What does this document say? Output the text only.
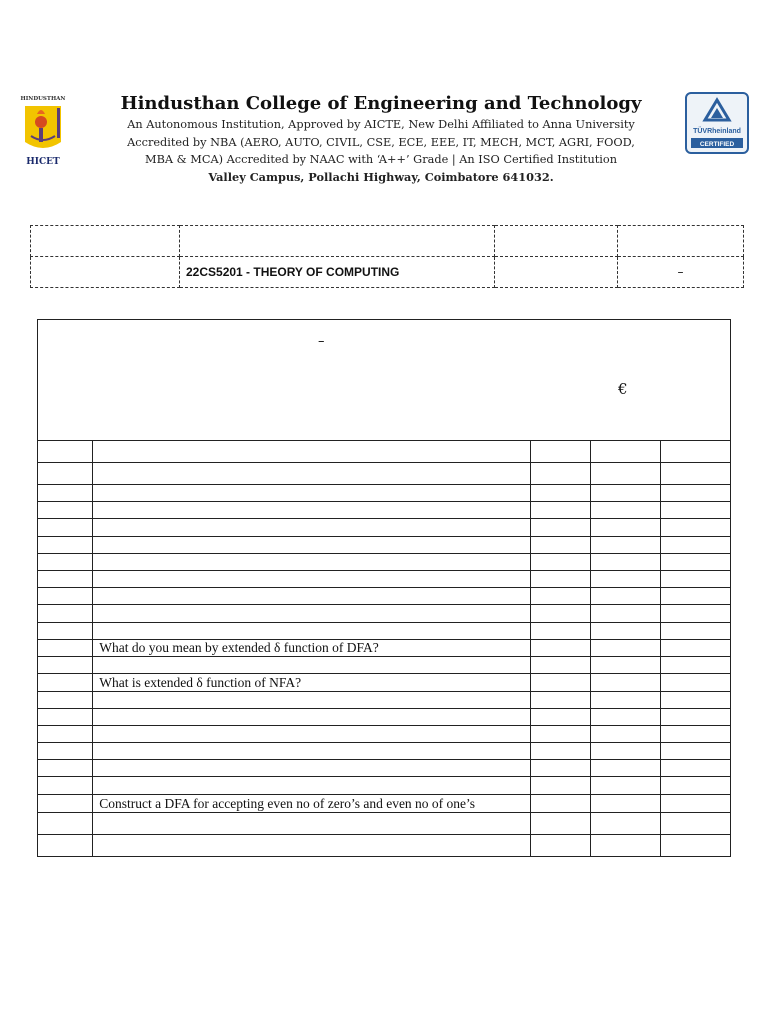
HINDUSTHAN
HICET
Hindusthan College of Engineering and Technology
An Autonomous Institution, Approved by AICTE, New Delhi Affiliated to Anna University
Accredited by NBA (AERO, AUTO, CIVIL, CSE, ECE, EEE, IT, MECH, MCT, AGRI, FOOD,
MBA & MCA) Accredited by NAAC with ‘A++’ Grade | An ISO Certified Institution
Valley Campus, Pollachi Highway, Coimbatore 641032.
TÜVRheinland
CERTIFIED

	22CS5201 - THEORY OF COMPUTING		–
–
€

	What do you mean by extended δ function of DFA?			

	What is extended δ function of NFA?			

	Construct a DFA for accepting even no of zero’s and even no of one’s			
